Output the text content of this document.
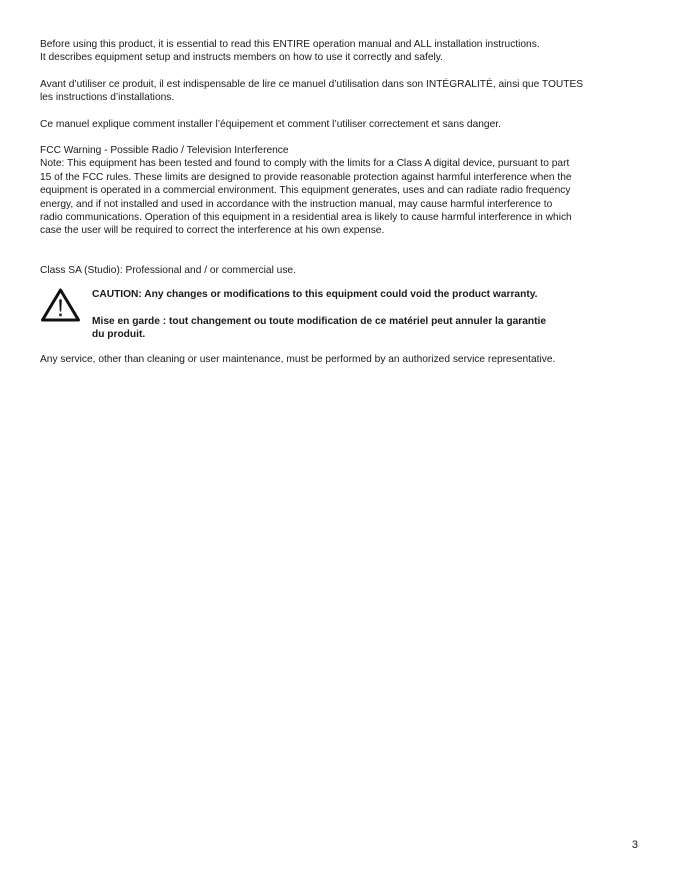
Before using this product, it is essential to read this ENTIRE operation manual and ALL installation instructions.
It describes equipment setup and instructs members on how to use it correctly and safely.

Avant d’utiliser ce produit, il est indispensable de lire ce manuel d’utilisation dans son INTÉGRALITÉ, ainsi que TOUTES
les instructions d’installations.

Ce manuel explique comment installer l’équipement et comment l’utiliser correctement et sans danger.

FCC Warning - Possible Radio / Television Interference
Note: This equipment has been tested and found to comply with the limits for a Class A digital device, pursuant to part
15 of the FCC rules. These limits are designed to provide reasonable protection against harmful interference when the
equipment is operated in a commercial environment. This equipment generates, uses and can radiate radio frequency
energy, and if not installed and used in accordance with the instruction manual, may cause harmful interference to
radio communications. Operation of this equipment in a residential area is likely to cause harmful interference in which
case the user will be required to correct the interference at his own expense.

Class SA (Studio): Professional and / or commercial use.

CAUTION: Any changes or modifications to this equipment could void the product warranty.
Mise en garde : tout changement ou toute modification de ce matériel peut annuler la garantie
du produit.

Any service, other than cleaning or user maintenance, must be performed by an authorized service representative.

3
